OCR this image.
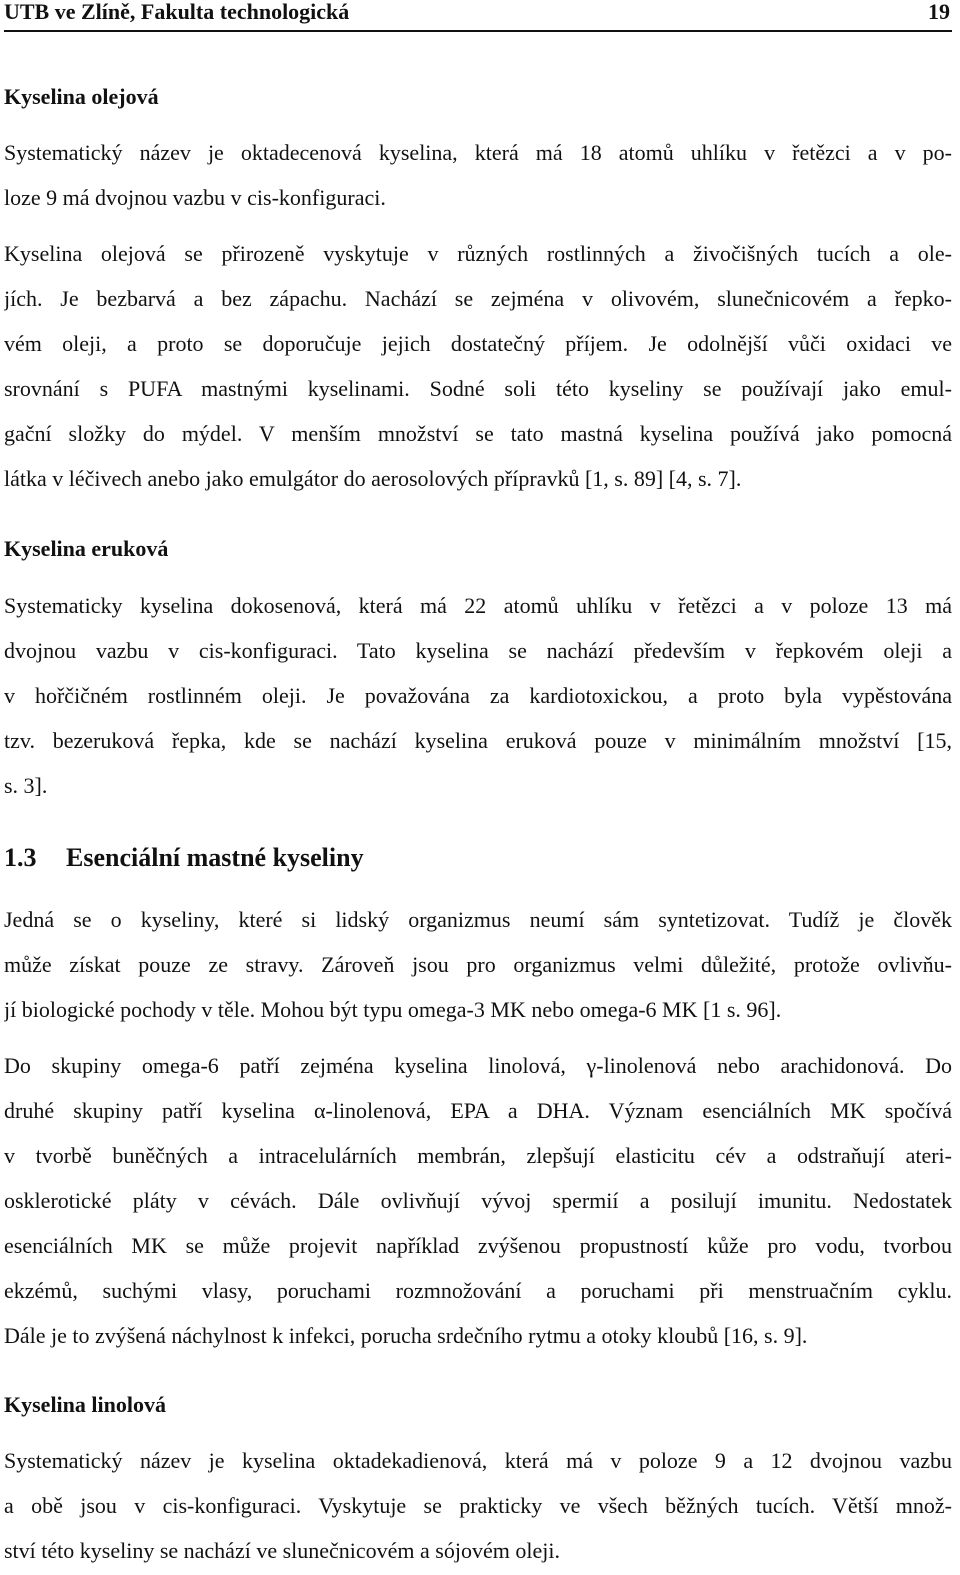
UTB ve Zlíně, Fakulta technologická	19
Kyselina olejová
Systematický název je oktadecenová kyselina, která má 18 atomů uhlíku v řetězci a v po-
loze 9 má dvojnou vazbu v cis-konfiguraci.
Kyselina olejová se přirozeně vyskytuje v různých rostlinných a živočišných tucích a ole-
jích. Je bezbarvá a bez zápachu. Nachází se zejména v olivovém, slunečnicovém a řepko-
vém oleji, a proto se doporučuje jejich dostatečný příjem. Je odolnější vůči oxidaci ve
srovnání s PUFA mastnými kyselinami. Sodné soli této kyseliny se používají jako emul-
gační složky do mýdel. V menším množství se tato mastná kyselina používá jako pomocná
látka v léčivech anebo jako emulgátor do aerosolových přípravků [1, s. 89] [4, s. 7].
Kyselina eruková
Systematicky kyselina dokosenová, která má 22 atomů uhlíku v řetězci a v poloze 13 má
dvojnou vazbu v cis-konfiguraci. Tato kyselina se nachází především v řepkovém oleji a
v hořčičném rostlinném oleji. Je považována za kardiotoxickou, a proto byla vypěstována
tzv. bezeruková řepka, kde se nachází kyselina eruková pouze v minimálním množství [15,
s. 3].
1.3 Esenciální mastné kyseliny
Jedná se o kyseliny, které si lidský organizmus neumí sám syntetizovat. Tudíž je člověk
může získat pouze ze stravy. Zároveň jsou pro organizmus velmi důležité, protože ovlivňu-
jí biologické pochody v těle. Mohou být typu omega-3 MK nebo omega-6 MK [1 s. 96].
Do skupiny omega-6 patří zejména kyselina linolová, γ-linolenová nebo arachidonová. Do
druhé skupiny patří kyselina α-linolenová, EPA a DHA. Význam esenciálních MK spočívá
v tvorbě buněčných a intracelulárních membrán, zlepšují elasticitu cév a odstraňují ateri-
osklerotické pláty v cévách. Dále ovlivňují vývoj spermií a posilují imunitu. Nedostatek
esenciálních MK se může projevit například zvýšenou propustností kůže pro vodu, tvorbou
ekzémů, suchými vlasy, poruchami rozmnožování a poruchami při menstruačním cyklu.
Dále je to zvýšená náchylnost k infekci, porucha srdečního rytmu a otoky kloubů [16, s. 9].
Kyselina linolová
Systematický název je kyselina oktadekadienová, která má v poloze 9 a 12 dvojnou vazbu
a obě jsou v cis-konfiguraci. Vyskytuje se prakticky ve všech běžných tucích. Větší množ-
ství této kyseliny se nachází ve slunečnicovém a sójovém oleji.
